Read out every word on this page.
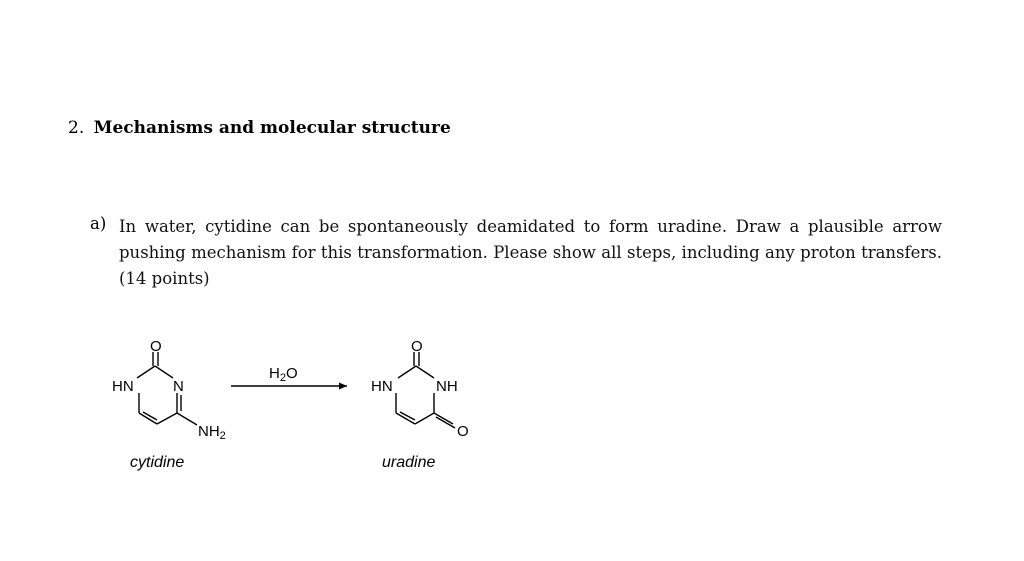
2. Mechanisms and molecular structure
a) In water, cytidine can be spontaneously deamidated to form uradine. Draw a plausible arrow pushing mechanism for this transformation. Please show all steps, including any proton transfers. (14 points)
O
HN	N
$NH_2$
cytidine
$H_2O$
O
HN	NH
O
uradine
